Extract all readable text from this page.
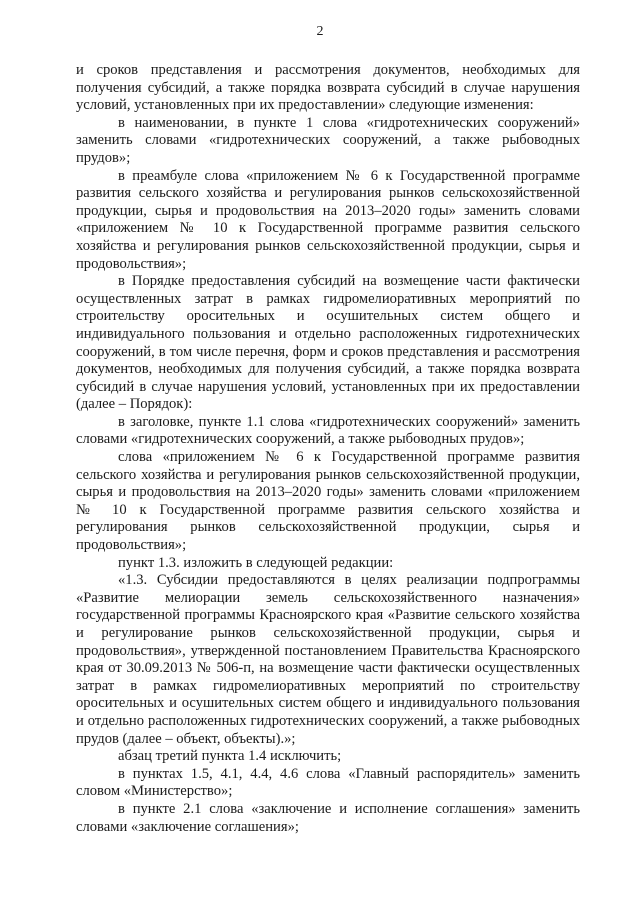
2

и сроков представления и рассмотрения документов, необходимых для получения субсидий, а также порядка возврата субсидий в случае нарушения условий, установленных при их предоставлении» следующие изменения:

в наименовании, в пункте 1 слова «гидротехнических сооружений» заменить словами «гидротехнических сооружений, а также рыбоводных прудов»;

в преамбуле слова «приложением № 6 к Государственной программе развития сельского хозяйства и регулирования рынков сельскохозяйственной продукции, сырья и продовольствия на 2013–2020 годы» заменить словами «приложением № 10 к Государственной программе развития сельского хозяйства и регулирования рынков сельскохозяйственной продукции, сырья и продовольствия»;

в Порядке предоставления субсидий на возмещение части фактически осуществленных затрат в рамках гидромелиоративных мероприятий по строительству оросительных и осушительных систем общего и индивидуального пользования и отдельно расположенных гидротехнических сооружений, в том числе перечня, форм и сроков представления и рассмотрения документов, необходимых для получения субсидий, а также порядка возврата субсидий в случае нарушения условий, установленных при их предоставлении (далее – Порядок):

в заголовке, пункте 1.1 слова «гидротехнических сооружений» заменить словами «гидротехнических сооружений, а также рыбоводных прудов»;

слова «приложением № 6 к Государственной программе развития сельского хозяйства и регулирования рынков сельскохозяйственной продукции, сырья и продовольствия на 2013–2020 годы» заменить словами «приложением № 10 к Государственной программе развития сельского хозяйства и регулирования рынков сельскохозяйственной продукции, сырья и продовольствия»;

пункт 1.3. изложить в следующей редакции:

«1.3. Субсидии предоставляются в целях реализации подпрограммы «Развитие мелиорации земель сельскохозяйственного назначения» государственной программы Красноярского края «Развитие сельского хозяйства и регулирование рынков сельскохозяйственной продукции, сырья и продовольствия», утвержденной постановлением Правительства Красноярского края от 30.09.2013 № 506-п, на возмещение части фактически осуществленных затрат в рамках гидромелиоративных мероприятий по строительству оросительных и осушительных систем общего и индивидуального пользования и отдельно расположенных гидротехнических сооружений, а также рыбоводных прудов (далее – объект, объекты).»;

абзац третий пункта 1.4 исключить;

в пунктах 1.5, 4.1, 4.4, 4.6 слова «Главный распорядитель» заменить словом «Министерство»;

в пункте 2.1 слова «заключение и исполнение соглашения» заменить словами «заключение соглашения»;
